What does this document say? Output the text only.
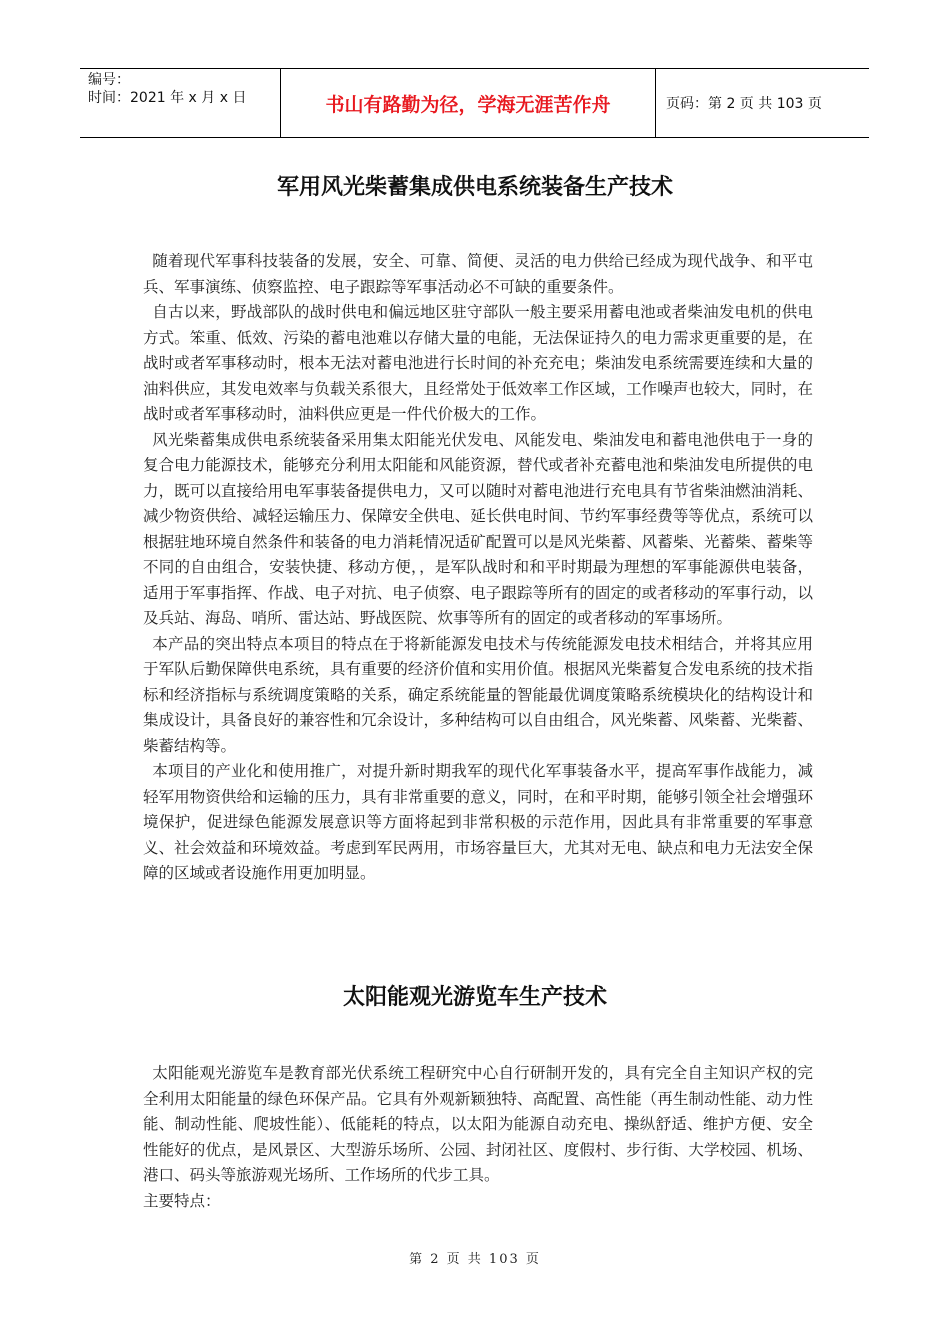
编号：
时间：2021 年 x 月 x 日	书山有路勤为径，学海无涯苦作舟	页码：第 2 页 共 103 页
军用风光柴蓄集成供电系统装备生产技术

随着现代军事科技装备的发展，安全、可靠、简便、灵活的电力供给已经成为现代战争、和平屯兵、军事演练、侦察监控、电子跟踪等军事活动必不可缺的重要条件。

自古以来，野战部队的战时供电和偏远地区驻守部队一般主要采用蓄电池或者柴油发电机的供电方式。笨重、低效、污染的蓄电池难以存储大量的电能，无法保证持久的电力需求更重要的是，在战时或者军事移动时，根本无法对蓄电池进行长时间的补充充电；柴油发电系统需要连续和大量的油料供应，其发电效率与负载关系很大，且经常处于低效率工作区域，工作噪声也较大，同时，在战时或者军事移动时，油料供应更是一件代价极大的工作。

风光柴蓄集成供电系统装备采用集太阳能光伏发电、风能发电、柴油发电和蓄电池供电于一身的复合电力能源技术，能够充分利用太阳能和风能资源，替代或者补充蓄电池和柴油发电所提供的电力，既可以直接给用电军事装备提供电力，又可以随时对蓄电池进行充电具有节省柴油燃油消耗、减少物资供给、减轻运输压力、保障安全供电、延长供电时间、节约军事经费等等优点，系统可以根据驻地环境自然条件和装备的电力消耗情况适矿配置可以是风光柴蓄、风蓄柴、光蓄柴、蓄柴等不同的自由组合，安装快捷、移动方便，，是军队战时和和平时期最为理想的军事能源供电装备，适用于军事指挥、作战、电子对抗、电子侦察、电子跟踪等所有的固定的或者移动的军事行动，以及兵站、海岛、哨所、雷达站、野战医院、炊事等所有的固定的或者移动的军事场所。

本产品的突出特点本项目的特点在于将新能源发电技术与传统能源发电技术相结合，并将其应用于军队后勤保障供电系统，具有重要的经济价值和实用价值。根据风光柴蓄复合发电系统的技术指标和经济指标与系统调度策略的关系，确定系统能量的智能最优调度策略系统模块化的结构设计和集成设计，具备良好的兼容性和冗余设计，多种结构可以自由组合，风光柴蓄、风柴蓄、光柴蓄、柴蓄结构等。

本项目的产业化和使用推广，对提升新时期我军的现代化军事装备水平，提高军事作战能力，减轻军用物资供给和运输的压力，具有非常重要的意义，同时，在和平时期，能够引领全社会增强环境保护，促进绿色能源发展意识等方面将起到非常积极的示范作用，因此具有非常重要的军事意义、社会效益和环境效益。考虑到军民两用，市场容量巨大，尤其对无电、缺点和电力无法安全保障的区域或者设施作用更加明显。

太阳能观光游览车生产技术

太阳能观光游览车是教育部光伏系统工程研究中心自行研制开发的，具有完全自主知识产权的完全利用太阳能量的绿色环保产品。它具有外观新颖独特、高配置、高性能（再生制动性能、动力性能、制动性能、爬坡性能）、低能耗的特点，以太阳为能源自动充电、操纵舒适、维护方便、安全性能好的优点，是风景区、大型游乐场所、公园、封闭社区、度假村、步行街、大学校园、机场、港口、码头等旅游观光场所、工作场所的代步工具。

主要特点：

第 2 页 共 103 页
